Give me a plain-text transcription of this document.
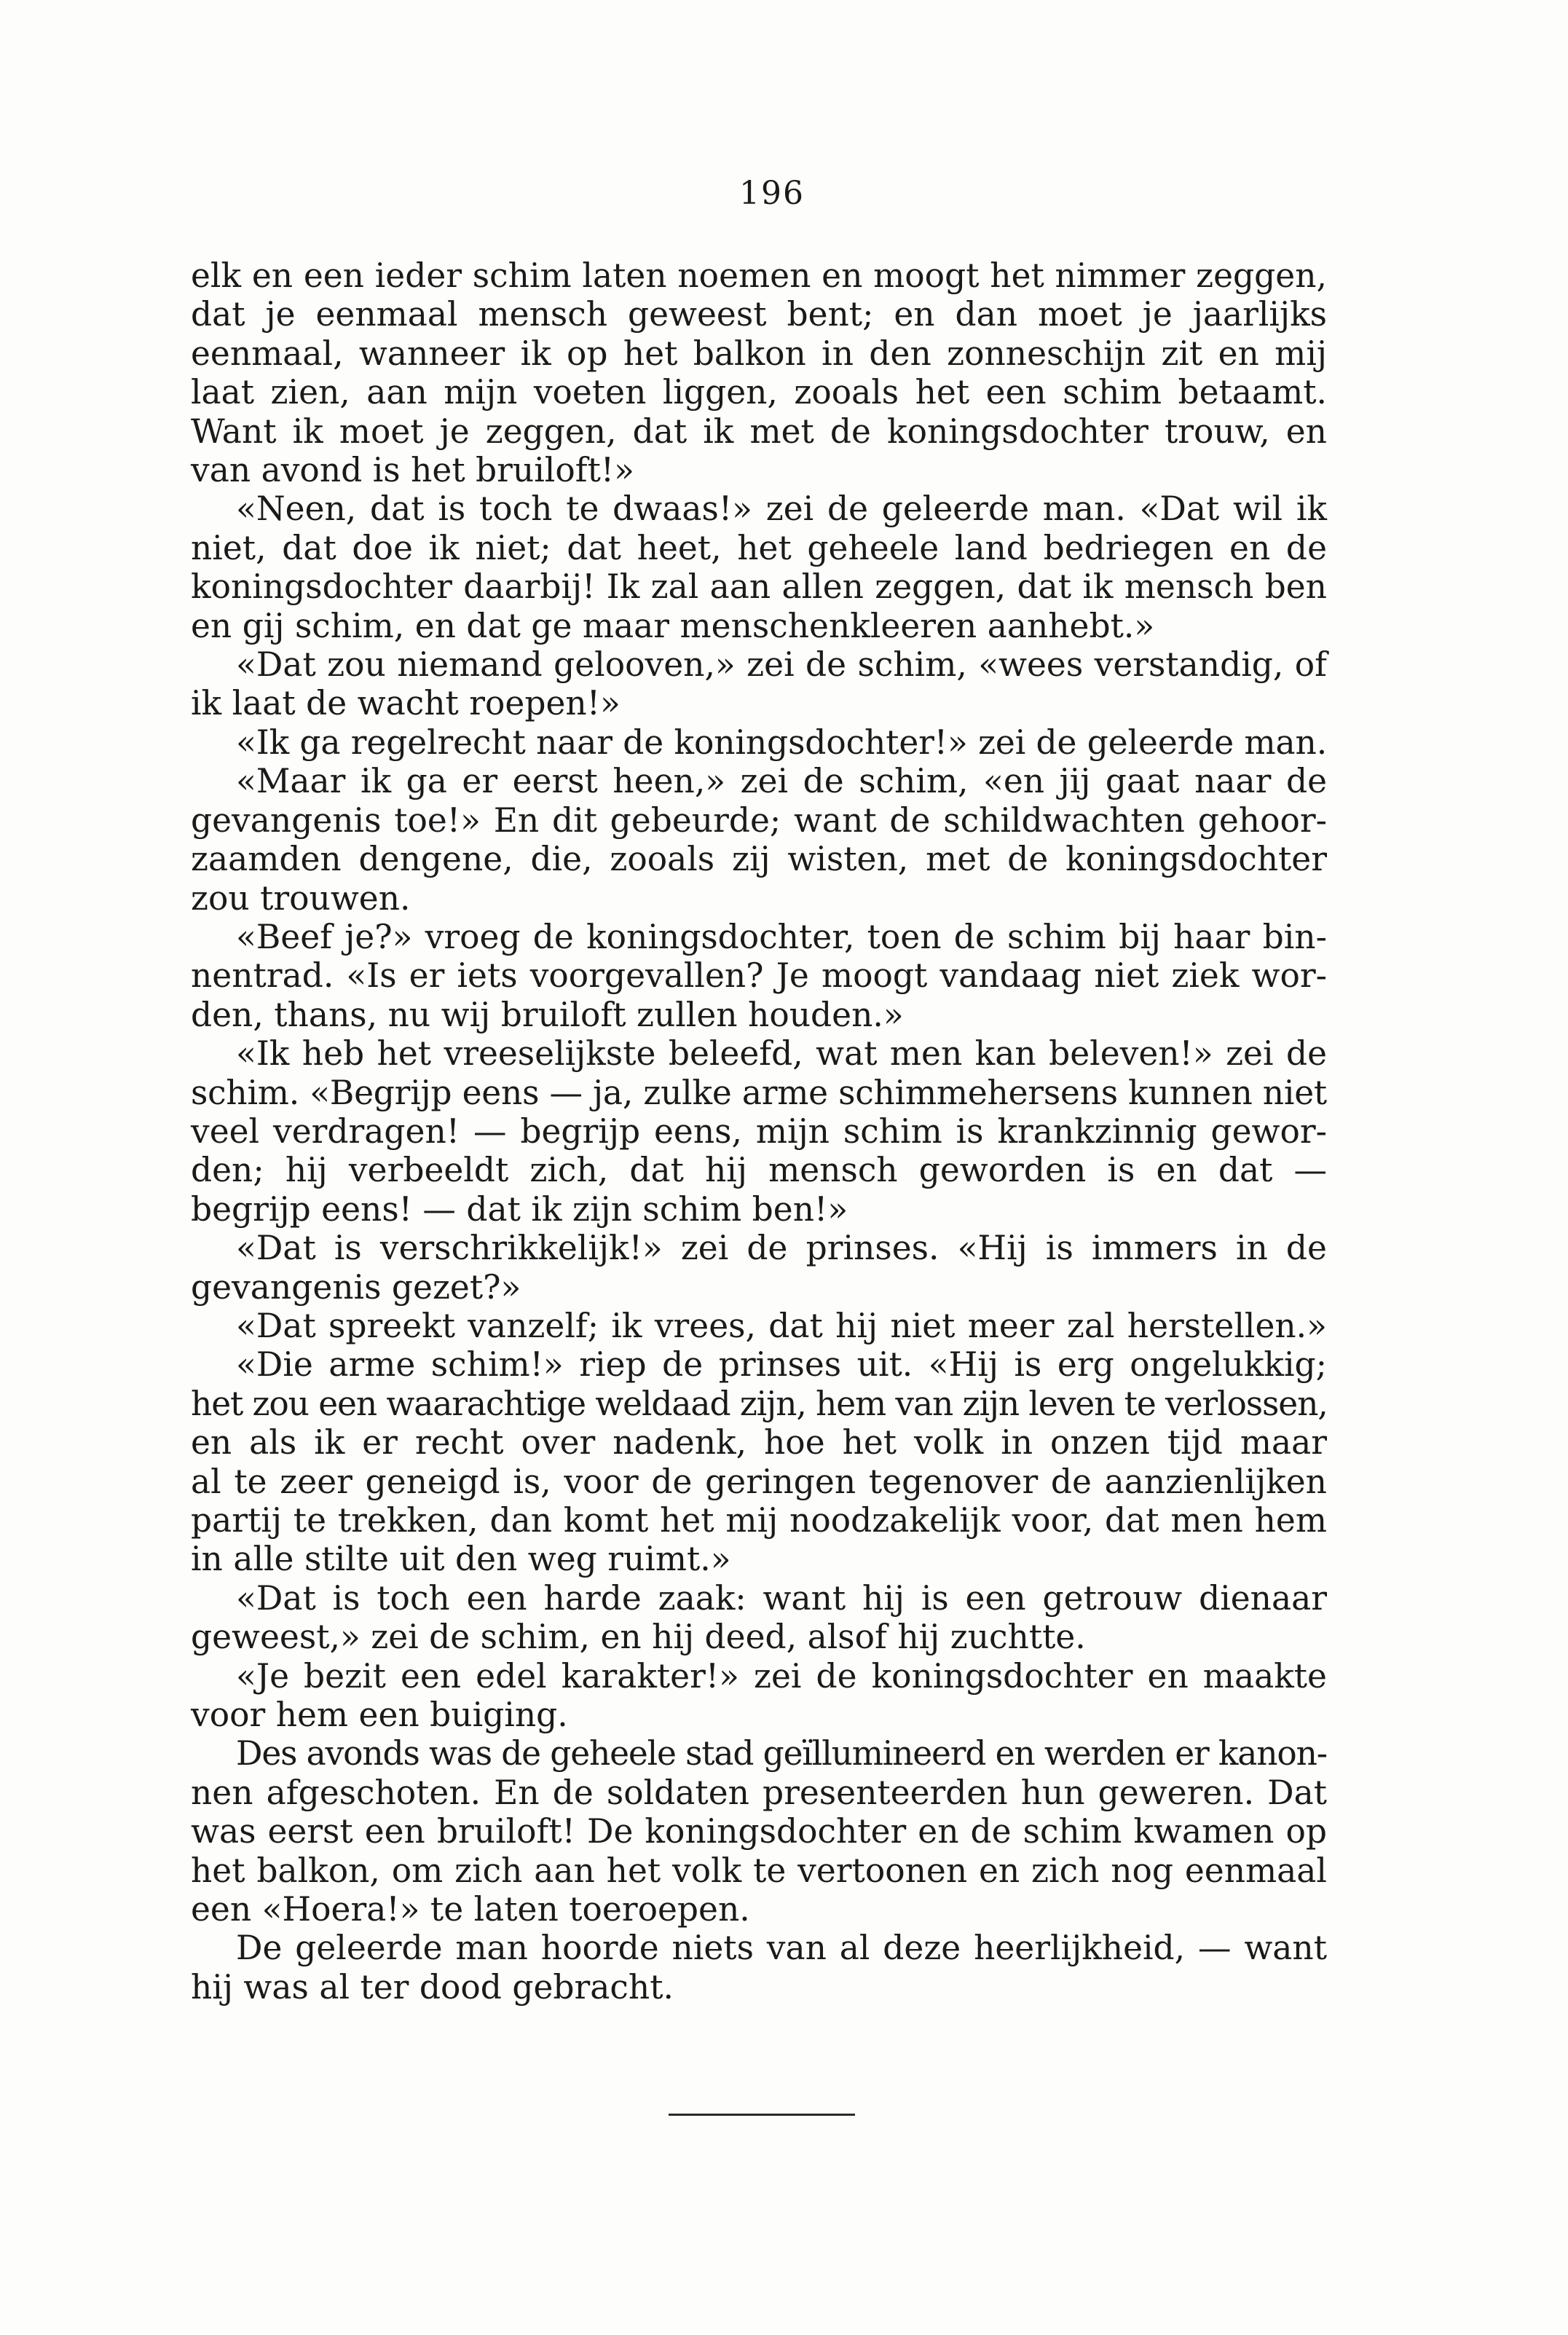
196

elk en een ieder schim laten noemen en moogt het nimmer zeggen,
dat je eenmaal mensch geweest bent; en dan moet je jaarlijks
eenmaal, wanneer ik op het balkon in den zonneschijn zit en mij
laat zien, aan mijn voeten liggen, zooals het een schim betaamt.
Want ik moet je zeggen, dat ik met de koningsdochter trouw, en
van avond is het bruiloft!»

«Neen, dat is toch te dwaas!» zei de geleerde man. «Dat wil ik
niet, dat doe ik niet; dat heet, het geheele land bedriegen en de
koningsdochter daarbij! Ik zal aan allen zeggen, dat ik mensch ben
en gij schim, en dat ge maar menschenkleeren aanhebt.»

«Dat zou niemand gelooven,» zei de schim, «wees verstandig, of
ik laat de wacht roepen!»

«Ik ga regelrecht naar de koningsdochter!» zei de geleerde man.

«Maar ik ga er eerst heen,» zei de schim, «en jij gaat naar de
gevangenis toe!» En dit gebeurde; want de schildwachten gehoor-
zaamden dengene, die, zooals zij wisten, met de koningsdochter
zou trouwen.

«Beef je?» vroeg de koningsdochter, toen de schim bij haar bin-
nentrad. «Is er iets voorgevallen? Je moogt vandaag niet ziek wor-
den, thans, nu wij bruiloft zullen houden.»

«Ik heb het vreeselijkste beleefd, wat men kan beleven!» zei de
schim. «Begrijp eens — ja, zulke arme schimmehersens kunnen niet
veel verdragen! — begrijp eens, mijn schim is krankzinnig gewor-
den; hij verbeeldt zich, dat hij mensch geworden is en dat —
begrijp eens! — dat ik zijn schim ben!»

«Dat is verschrikkelijk!» zei de prinses. «Hij is immers in de
gevangenis gezet?»

«Dat spreekt vanzelf; ik vrees, dat hij niet meer zal herstellen.»

«Die arme schim!» riep de prinses uit. «Hij is erg ongelukkig;
het zou een waarachtige weldaad zijn, hem van zijn leven te verlossen,
en als ik er recht over nadenk, hoe het volk in onzen tijd maar
al te zeer geneigd is, voor de geringen tegenover de aanzienlijken
partij te trekken, dan komt het mij noodzakelijk voor, dat men hem
in alle stilte uit den weg ruimt.»

«Dat is toch een harde zaak: want hij is een getrouw dienaar
geweest,» zei de schim, en hij deed, alsof hij zuchtte.

«Je bezit een edel karakter!» zei de koningsdochter en maakte
voor hem een buiging.

Des avonds was de geheele stad geïllumineerd en werden er kanon-
nen afgeschoten. En de soldaten presenteerden hun geweren. Dat
was eerst een bruiloft! De koningsdochter en de schim kwamen op
het balkon, om zich aan het volk te vertoonen en zich nog eenmaal
een «Hoera!» te laten toeroepen.

De geleerde man hoorde niets van al deze heerlijkheid, — want
hij was al ter dood gebracht.
